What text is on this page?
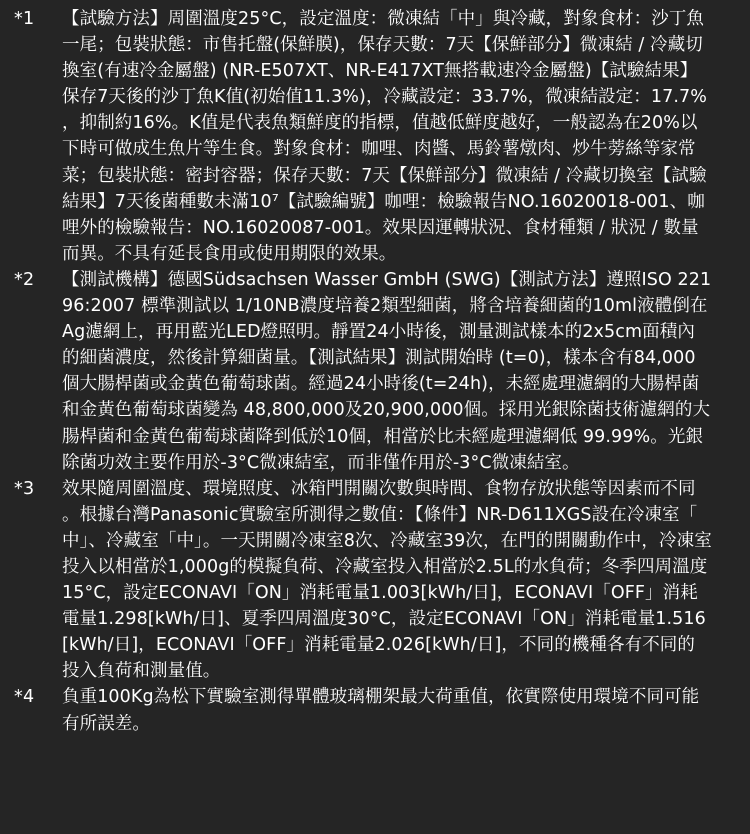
*1	【試驗方法】周圍溫度25°C，設定溫度：微凍結「中」與冷藏，對象食材：沙丁魚一尾；包裝狀態：市售托盤(保鮮膜)，保存天數：7天【保鮮部分】微凍結 / 冷藏切換室(有速冷金屬盤) (NR-E507XT、NR-E417XT無搭載速冷金屬盤)【試驗結果】保存7天後的沙丁魚K值(初始值11.3%)，冷藏設定：33.7%，微凍結設定：17.7%，抑制約16%。K值是代表魚類鮮度的指標，值越低鮮度越好，一般認為在20%以下時可做成生魚片等生食。對象食材：咖哩、肉醬、馬鈴薯燉肉、炒牛蒡絲等家常菜；包裝狀態：密封容器；保存天數：7天【保鮮部分】微凍結 / 冷藏切換室【試驗結果】7天後菌種數未滿10⁷【試驗編號】咖哩：檢驗報告NO.16020018-001、咖哩外的檢驗報告：NO.16020087-001。效果因運轉狀況、食材種類 / 狀況 / 數量而異。不具有延長食用或使用期限的效果。
*2	【測試機構】德國Südsachsen Wasser GmbH (SWG)【測試方法】遵照ISO 22196:2007 標準測試以 1/10NB濃度培養2類型細菌，將含培養細菌的10ml液體倒在Ag濾網上，再用藍光LED燈照明。靜置24小時後，測量測試樣本的2x5cm面積內的細菌濃度，然後計算細菌量。【測試結果】測試開始時 (t=0)，樣本含有84,000個大腸桿菌或金黃色葡萄球菌。經過24小時後(t=24h)，未經處理濾網的大腸桿菌和金黃色葡萄球菌變為 48,800,000及20,900,000個。採用光銀除菌技術濾網的大腸桿菌和金黃色葡萄球菌降到低於10個，相當於比未經處理濾網低 99.99%。光銀除菌功效主要作用於-3°C微凍結室，而非僅作用於-3°C微凍結室。
*3	效果隨周圍溫度、環境照度、冰箱門開關次數與時間、食物存放狀態等因素而不同。根據台灣Panasonic實驗室所測得之數值：【條件】NR-D611XGS設在冷凍室「中」、冷藏室「中」。一天開關冷凍室8次、冷藏室39次，在門的開關動作中，冷凍室投入以相當於1,000g的模擬負荷、冷藏室投入相當於2.5L的水負荷；冬季四周溫度15°C，設定ECONAVI「ON」消耗電量1.003[kWh/日]，ECONAVI「OFF」消耗電量1.298[kWh/日]、夏季四周溫度30°C，設定ECONAVI「ON」消耗電量1.516[kWh/日]，ECONAVI「OFF」消耗電量2.026[kWh/日]，不同的機種各有不同的投入負荷和測量值。
*4	負重100Kg為松下實驗室測得單體玻璃棚架最大荷重值，依實際使用環境不同可能有所誤差。
